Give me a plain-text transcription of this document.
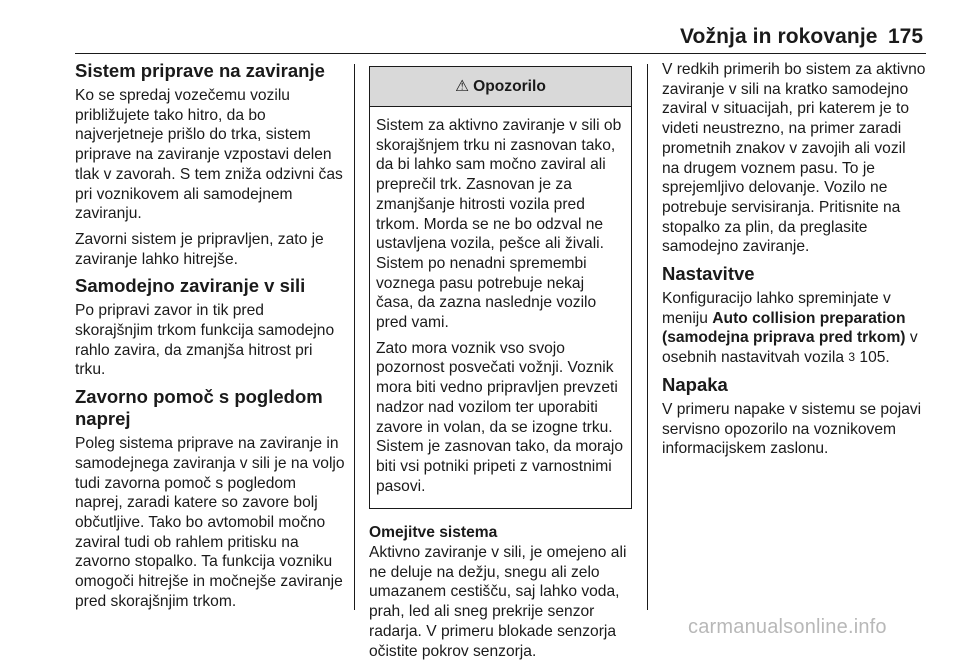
Vožnja in rokovanje 175
Sistem priprave na zaviranje

Ko se spredaj vozečemu vozilu približujete tako hitro, da bo najverjetneje prišlo do trka, sistem priprave na zaviranje vzpostavi delen tlak v zavorah. S tem zniža odzivni čas pri voznikovem ali samodejnem zaviranju.

Zavorni sistem je pripravljen, zato je zaviranje lahko hitrejše.

Samodejno zaviranje v sili

Po pripravi zavor in tik pred skorajšnjim trkom funkcija samodejno rahlo zavira, da zmanjša hitrost pri trku.

Zavorno pomoč s pogledom naprej

Poleg sistema priprave na zaviranje in samodejnega zaviranja v sili je na voljo tudi zavorna pomoč s pogledom naprej, zaradi katere so zavore bolj občutljive. Tako bo avtomobil močno zaviral tudi ob rahlem pritisku na zavorno stopalko. Ta funkcija vozniku omogoči hitrejše in močnejše zaviranje pred skorajšnjim trkom.

⚠ Opozorilo

Sistem za aktivno zaviranje v sili ob skorajšnjem trku ni zasnovan tako, da bi lahko sam močno zaviral ali preprečil trk. Zasnovan je za zmanjšanje hitrosti vozila pred trkom. Morda se ne bo odzval ne ustavljena vozila, pešce ali živali. Sistem po nenadni spremembi voznega pasu potrebuje nekaj časa, da zazna naslednje vozilo pred vami.

Zato mora voznik vso svojo pozornost posvečati vožnji. Voznik mora biti vedno pripravljen prevzeti nadzor nad vozilom ter uporabiti zavore in volan, da se izogne trku. Sistem je zasnovan tako, da morajo biti vsi potniki pripeti z varnostnimi pasovi.

Omejitve sistema

Aktivno zaviranje v sili, je omejeno ali ne deluje na dežju, snegu ali zelo umazanem cestišču, saj lahko voda, prah, led ali sneg prekrije senzor radarja. V primeru blokade senzorja očistite pokrov senzorja.

V redkih primerih bo sistem za aktivno zaviranje v sili na kratko samodejno zaviral v situacijah, pri katerem je to videti neustrezno, na primer zaradi prometnih znakov v zavojih ali vozil na drugem voznem pasu. To je sprejemljivo delovanje. Vozilo ne potrebuje servisiranja. Pritisnite na stopalko za plin, da preglasite samodejno zaviranje.

Nastavitve

Konfiguracijo lahko spreminjate v meniju Auto collision preparation (samodejna priprava pred trkom) v osebnih nastavitvah vozila 3 105.

Napaka

V primeru napake v sistemu se pojavi servisno opozorilo na voznikovem informacijskem zaslonu.

carmanualsonline.info
